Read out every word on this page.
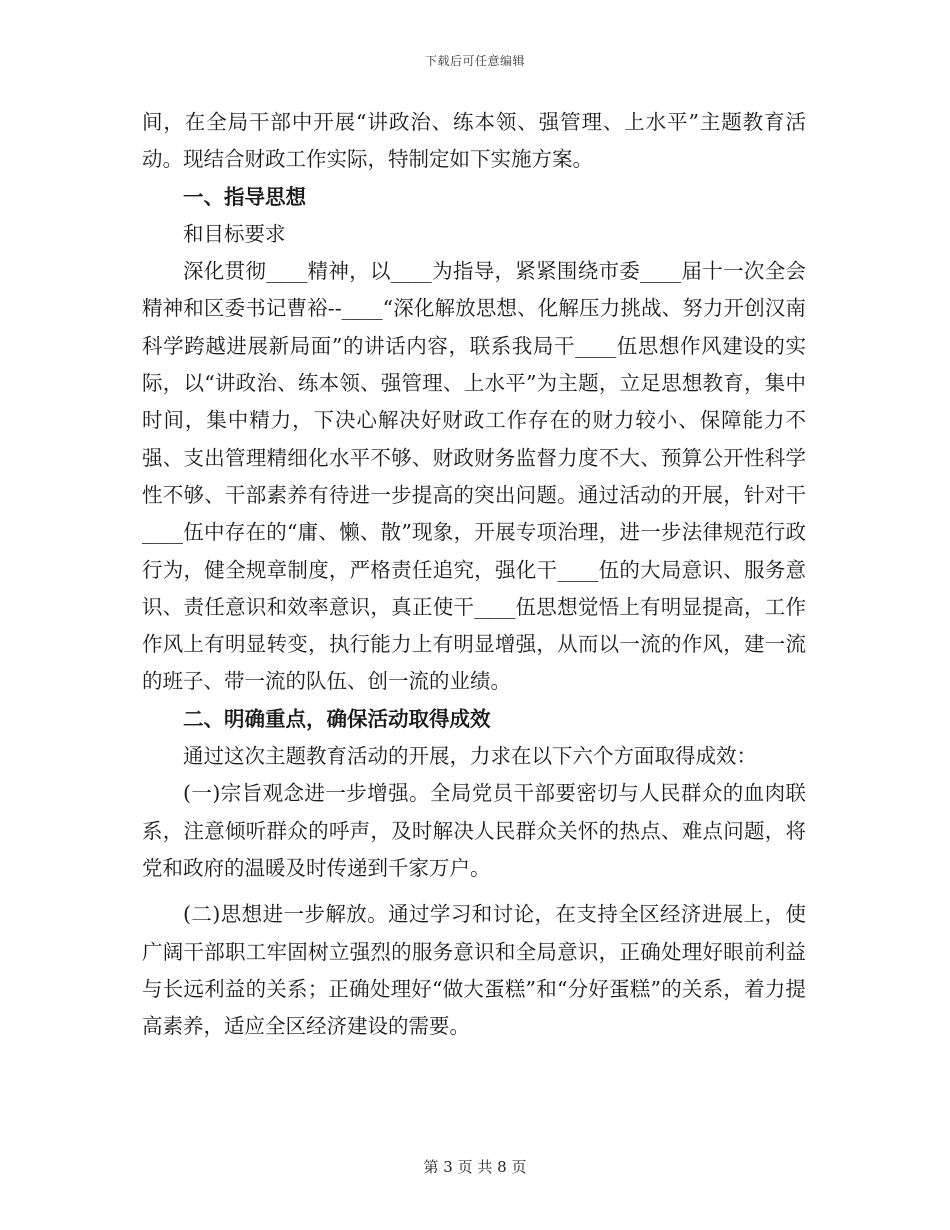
下载后可任意编辑

间，在全局干部中开展“讲政治、练本领、强管理、上水平”主题教育活动。现结合财政工作实际，特制定如下实施方案。

一、指导思想

和目标要求

深化贯彻____精神，以____为指导，紧紧围绕市委____届十一次全会精神和区委书记曹裕--____“深化解放思想、化解压力挑战、努力开创汉南科学跨越进展新局面”的讲话内容，联系我局干____伍思想作风建设的实际，以“讲政治、练本领、强管理、上水平”为主题，立足思想教育，集中时间，集中精力，下决心解决好财政工作存在的财力较小、保障能力不强、支出管理精细化水平不够、财政财务监督力度不大、预算公开性科学性不够、干部素养有待进一步提高的突出问题。通过活动的开展，针对干____伍中存在的“庸、懒、散”现象，开展专项治理，进一步法律规范行政行为，健全规章制度，严格责任追究，强化干____伍的大局意识、服务意识、责任意识和效率意识，真正使干____伍思想觉悟上有明显提高，工作作风上有明显转变，执行能力上有明显增强，从而以一流的作风，建一流的班子、带一流的队伍、创一流的业绩。

二、明确重点，确保活动取得成效

通过这次主题教育活动的开展，力求在以下六个方面取得成效：

(一)宗旨观念进一步增强。全局党员干部要密切与人民群众的血肉联系，注意倾听群众的呼声，及时解决人民群众关怀的热点、难点问题，将党和政府的温暖及时传递到千家万户。

(二)思想进一步解放。通过学习和讨论，在支持全区经济进展上，使广阔干部职工牢固树立强烈的服务意识和全局意识，正确处理好眼前利益与长远利益的关系；正确处理好“做大蛋糕”和“分好蛋糕”的关系，着力提高素养，适应全区经济建设的需要。

第 3 页 共 8 页
